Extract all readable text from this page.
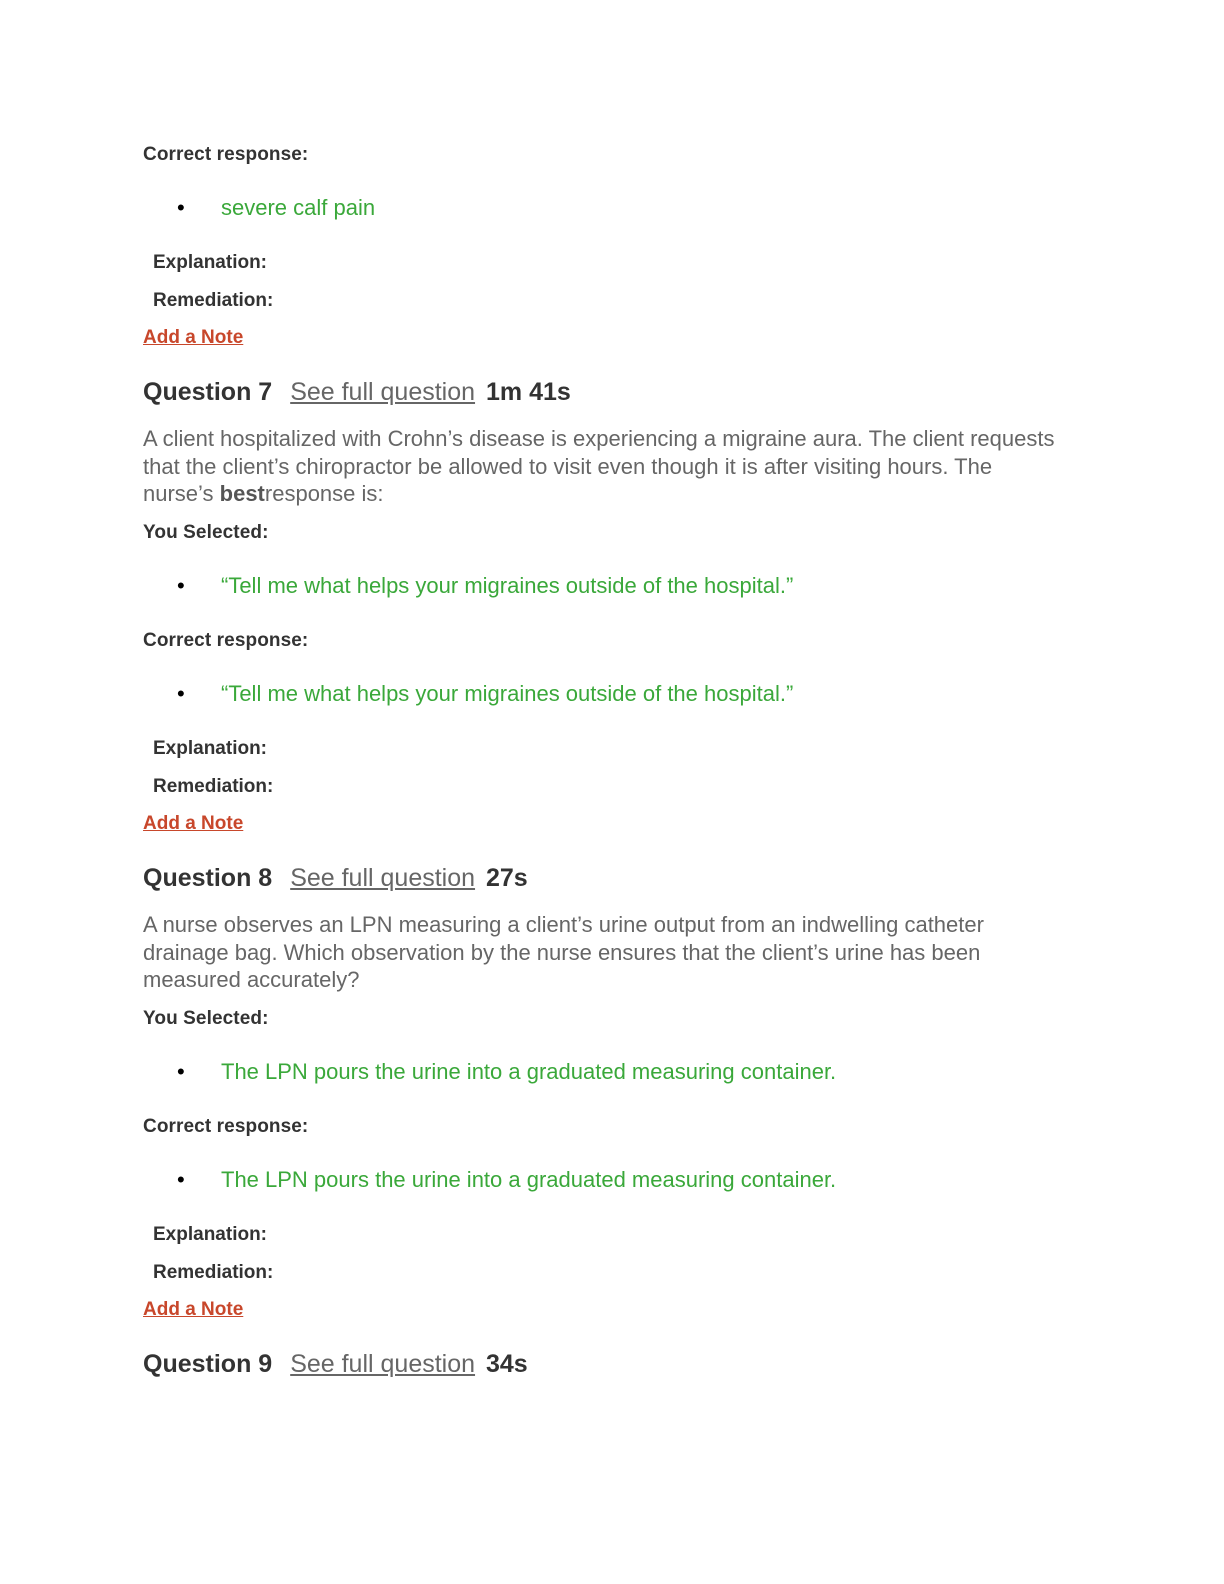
Correct response:
• severe calf pain
Explanation:
Remediation:
Add a Note
Question 7 See full question 1m 41s
A client hospitalized with Crohn’s disease is experiencing a migraine aura. The client requests that the client’s chiropractor be allowed to visit even though it is after visiting hours. The nurse’s bestresponse is:
You Selected:
• “Tell me what helps your migraines outside of the hospital.”
Correct response:
• “Tell me what helps your migraines outside of the hospital.”
Explanation:
Remediation:
Add a Note
Question 8 See full question 27s
A nurse observes an LPN measuring a client’s urine output from an indwelling catheter drainage bag. Which observation by the nurse ensures that the client’s urine has been measured accurately?
You Selected:
• The LPN pours the urine into a graduated measuring container.
Correct response:
• The LPN pours the urine into a graduated measuring container.
Explanation:
Remediation:
Add a Note
Question 9 See full question 34s
